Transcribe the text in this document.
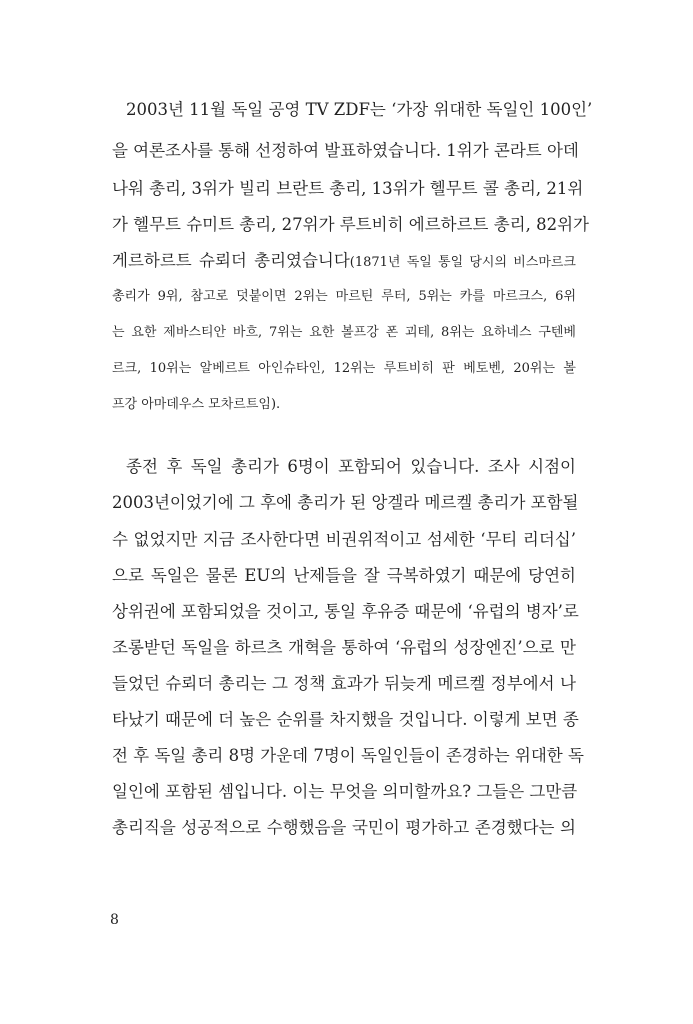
2003년 11월 독일 공영 TV ZDF는 ‘가장 위대한 독일인 100인’
을 여론조사를 통해 선정하여 발표하였습니다. 1위가 콘라트 아데
나워 총리, 3위가 빌리 브란트 총리, 13위가 헬무트 콜 총리, 21위
가 헬무트 슈미트 총리, 27위가 루트비히 에르하르트 총리, 82위가
게르하르트 슈뢰더 총리였습니다(1871년 독일 통일 당시의 비스마르크
총리가 9위, 참고로 덧붙이면 2위는 마르틴 루터, 5위는 카를 마르크스, 6위
는 요한 제바스티안 바흐, 7위는 요한 볼프강 폰 괴테, 8위는 요하네스 구텐베
르크, 10위는 알베르트 아인슈타인, 12위는 루트비히 판 베토벤, 20위는 볼
프강 아마데우스 모차르트임).
종전 후 독일 총리가 6명이 포함되어 있습니다. 조사 시점이
2003년이었기에 그 후에 총리가 된 앙겔라 메르켈 총리가 포함될
수 없었지만 지금 조사한다면 비권위적이고 섬세한 ‘무티 리더십’
으로 독일은 물론 EU의 난제들을 잘 극복하였기 때문에 당연히
상위권에 포함되었을 것이고, 통일 후유증 때문에 ‘유럽의 병자’로
조롱받던 독일을 하르츠 개혁을 통하여 ‘유럽의 성장엔진’으로 만
들었던 슈뢰더 총리는 그 정책 효과가 뒤늦게 메르켈 정부에서 나
타났기 때문에 더 높은 순위를 차지했을 것입니다. 이렇게 보면 종
전 후 독일 총리 8명 가운데 7명이 독일인들이 존경하는 위대한 독
일인에 포함된 셈입니다. 이는 무엇을 의미할까요? 그들은 그만큼
총리직을 성공적으로 수행했음을 국민이 평가하고 존경했다는 의
8
